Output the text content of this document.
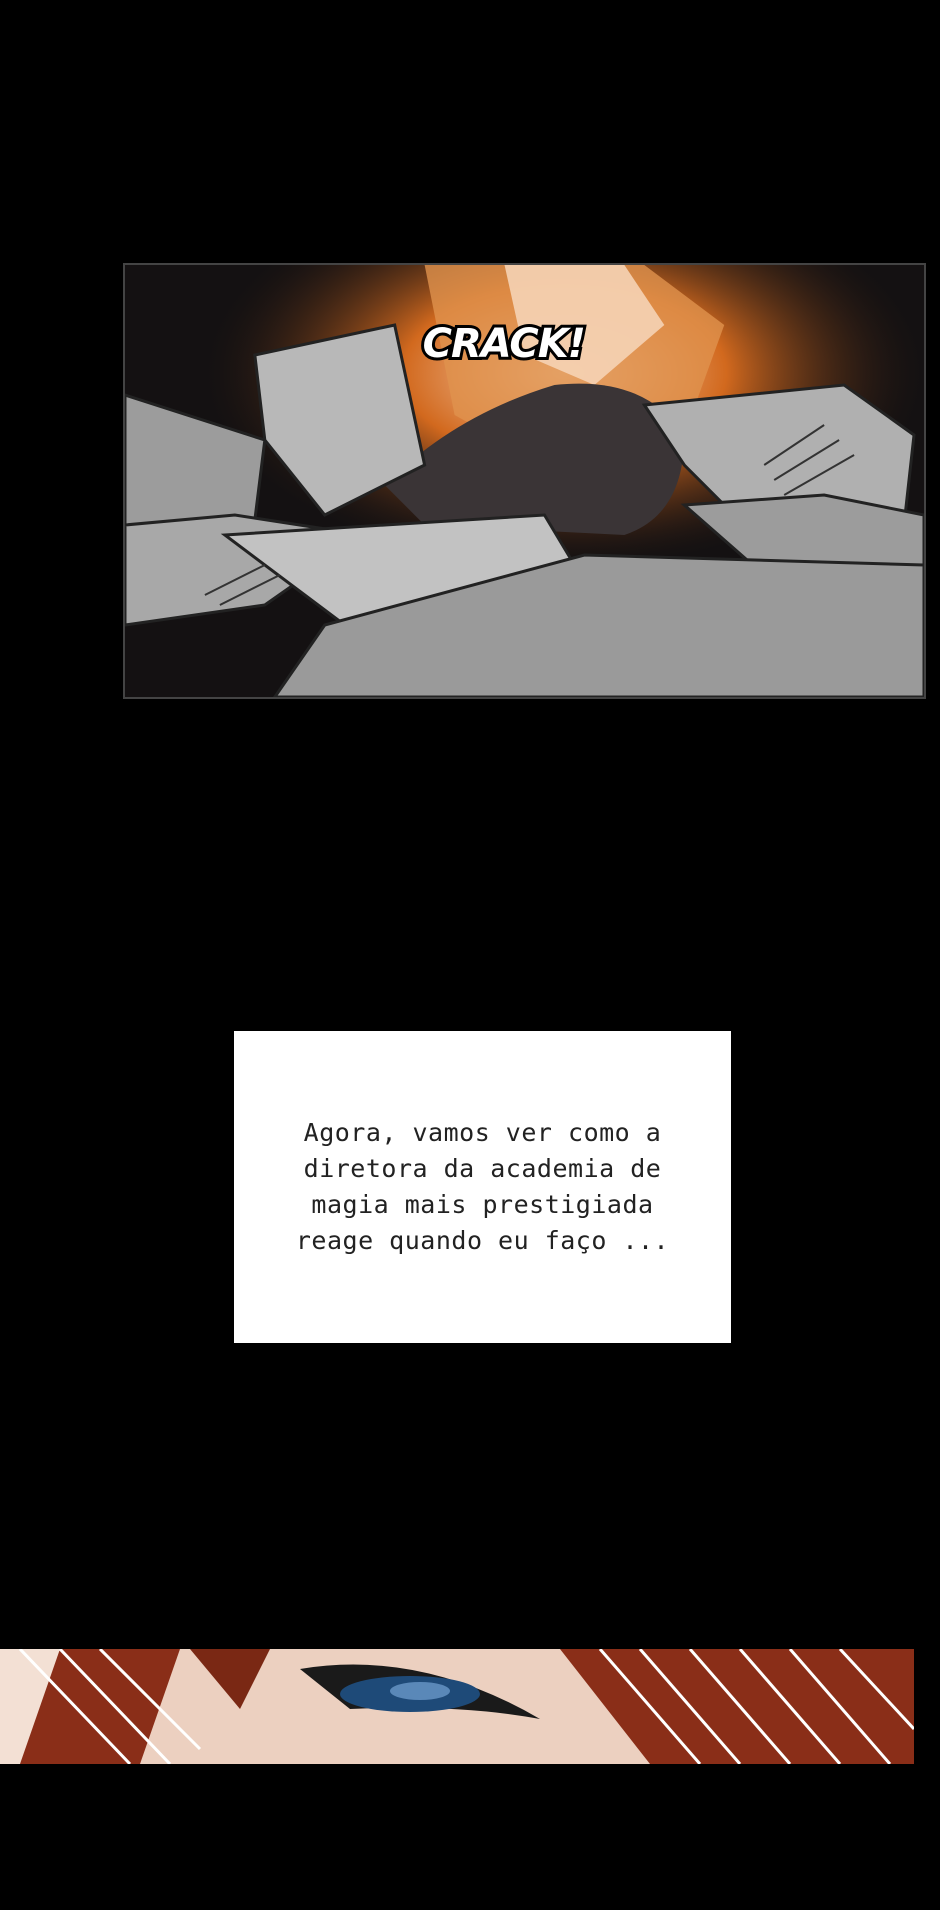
CRACK!

Agora, vamos ver como a
diretora da academia de
magia mais prestigiada
reage quando eu faço ...
